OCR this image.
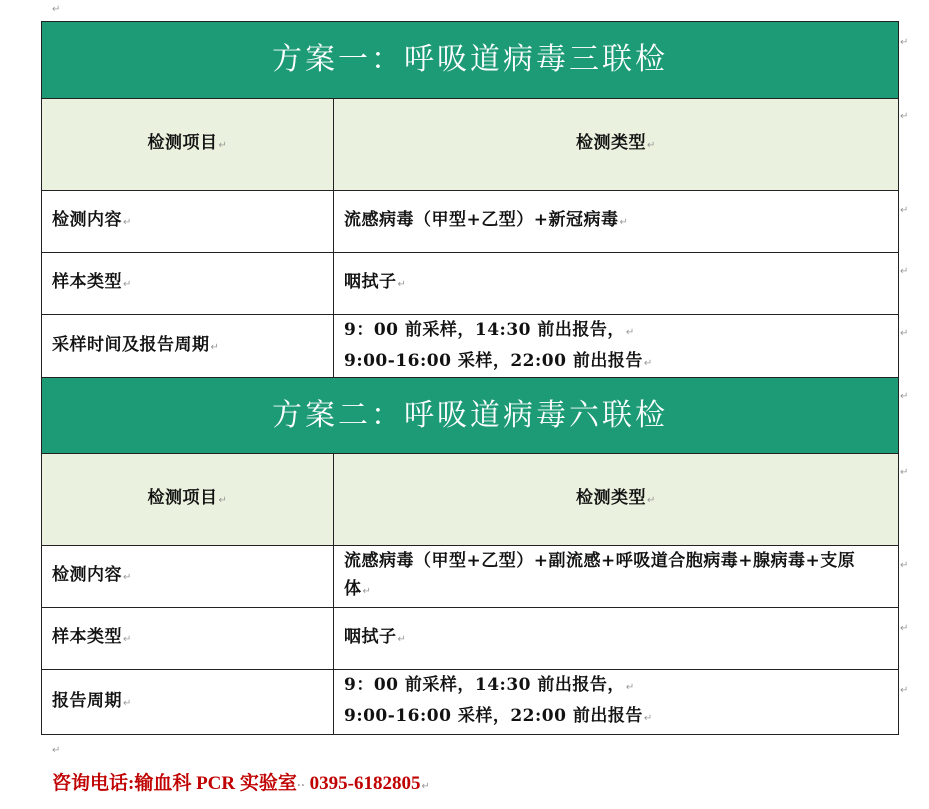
↵
方案一：呼吸道病毒三联检	
检测项目↵	检测类型↵
检测内容↵	流感病毒（甲型+乙型）+新冠病毒↵
样本类型↵	咽拭子↵
采样时间及报告周期↵	9：00 前采样，14:30 前出报告，↵
9:00-16:00 采样，22:00 前出报告↵
方案二：呼吸道病毒六联检	
检测项目↵	检测类型↵
检测内容↵	流感病毒（甲型+乙型）+副流感+呼吸道合胞病毒+腺病毒+支原
体↵

样本类型↵	咽拭子↵
报告周期↵	9：00 前采样，14:30 前出报告，↵
9:00-16:00 采样，22:00 前出报告↵
↵
↵
↵
↵
↵
↵
↵
↵
↵
↵
↵
咨询电话:输血科 PCR 实验室·· 0395-6182805↵
